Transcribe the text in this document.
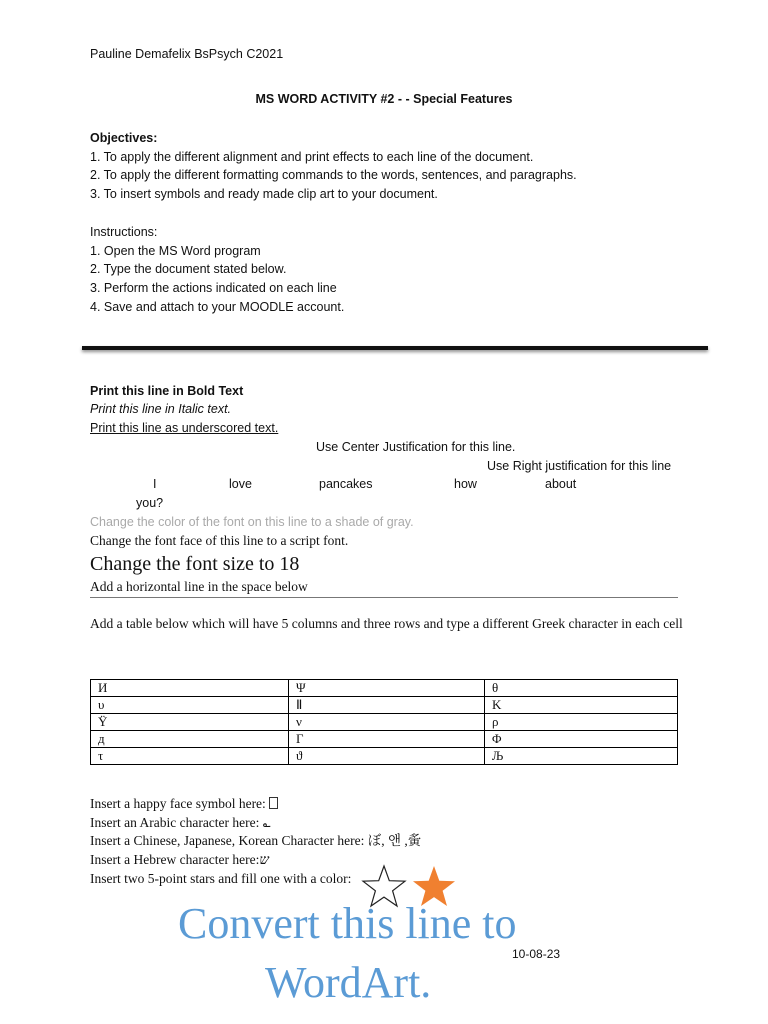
Pauline Demafelix BsPsych C2021
MS WORD ACTIVITY #2 - - Special Features
Objectives:
1. To apply the different alignment and print effects to each line of the document.
2. To apply the different formatting commands to the words, sentences, and paragraphs.
3. To insert symbols and ready made clip art to your document.
Instructions:
1. Open the MS Word program
2. Type the document stated below.
3. Perform the actions indicated on each line
4. Save and attach to your MOODLE account.
Print this line in Bold Text
Print this line in Italic text.
Print this line as underscored text.
Use Center Justification for this line.
Use Right justification for this line
I	love	pancakes	how	about
you?
Change the color of the font on this line to a shade of gray.
Change the font face of this line to a script font.
Change the font size to 18
Add a horizontal line in the space below
Add a table below which will have 5 columns and three rows and type a different Greek character in each cell
И	Ψ	θ
υ	Ⅱ	Κ
Ÿ	ν	ρ
д	Γ	Φ
τ	ϑ	Љ
Insert a happy face symbol here:
Insert an Arabic character here: ؎
Insert a Chinese, Japanese, Korean Character here: ぼ, 앤 ,夤
Insert a Hebrew character here:ש
Insert two 5-point stars and fill one with a color:
Convert this line to
WordArt.
10-08-23
